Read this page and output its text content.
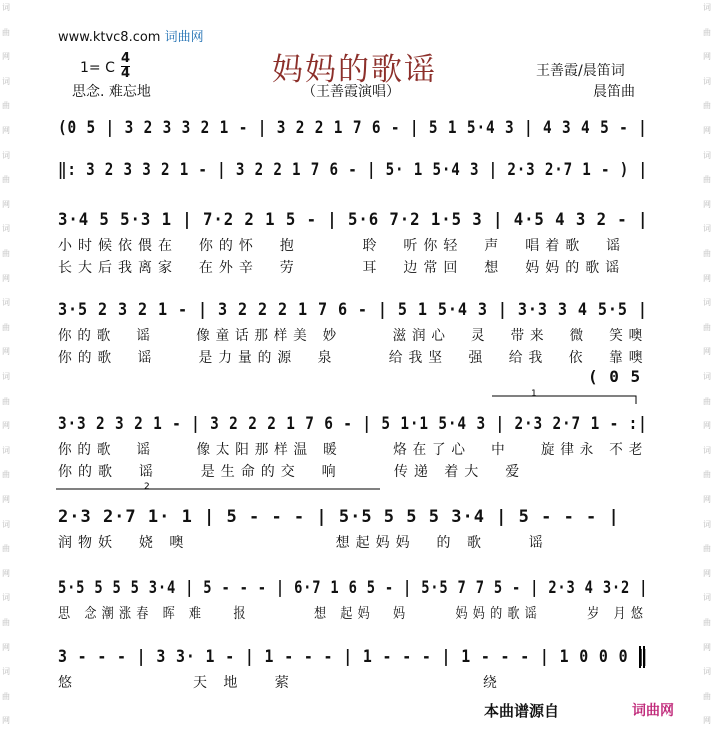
词
曲
网
词
曲
网
词
曲
网
词
曲
网
词
曲
网
词
曲
网
词
曲
网
词
曲
网
词
曲
网
词
曲
网
词
曲
网
词
曲
网
词
曲
网
词
曲
网
词
曲
网
词
曲
网
词
曲
网
词
曲
网
词
曲
网
词
曲
网
www.ktvc8.com 词曲网
妈妈的歌谣
1= C
4
4
思念. 难忘地	（王善霞演唱）
王善霞/晨笛词
晨笛曲
(0 5 | 3 2 3 3 2 1 - | 3 2 2 1 7 6 - | 5 1 5·4 3 | 4 3 4 5 - |
‖: 3 2 3 3 2 1 - | 3 2 2 1 7 6 - | 5· 1 5·4 3 | 2·3 2·7 1 - ) |
3·4 5 5·3 1 | 7·2 2 1 5 - | 5·6 7·2 1·5 3 | 4·5 4 3 2 - |
小时候依偎在  你的怀  抱      聆  听你轻  声  唱着歌  谣
长大后我离家  在外辛  劳      耳  边常回  想  妈妈的歌谣
3·5 2 3 2 1 - | 3 2 2 2 1 7 6 - | 5 1 5·4 3 | 3·3 3 4 5·5 |
你的歌  谣    像童话那样美 妙     滋润心  灵  带来  微  笑噢
你的歌  谣    是力量的源  泉     给我坚  强  给我  依  靠噢
3·3 2 3 2 1 - | 3 2 2 2 1 7 6 - | 5 1·1 5·4 3 | 2·3 2·7 1 - :|
你的歌  谣    像太阳那样温 暖     烙在了心  中   旋律永 不老
你的歌  谣    是生命的交  响     传递 着大  爱
2·3 2·7 1· 1 | 5 - - - | 5·5 5 5 5 3·4 | 5 - - - |
润物妖  娆 噢              想起妈妈  的 歌    谣
5·5 5 5 5 3·4 | 5 - - - | 6·7 1 6 5 - | 5·5 7 7 5 - | 2·3 4 3·2 |
思 念潮涨春 晖 难   报       想 起妈  妈     妈妈的歌谣     岁 月悠
3 - - - | 3 3· 1 - | 1 - - - | 1 - - - | 1 - - - | 1 0 0 0 ‖
悠           天 地   萦                  绕
( 0 5
1
2
本曲谱源自	词曲网
